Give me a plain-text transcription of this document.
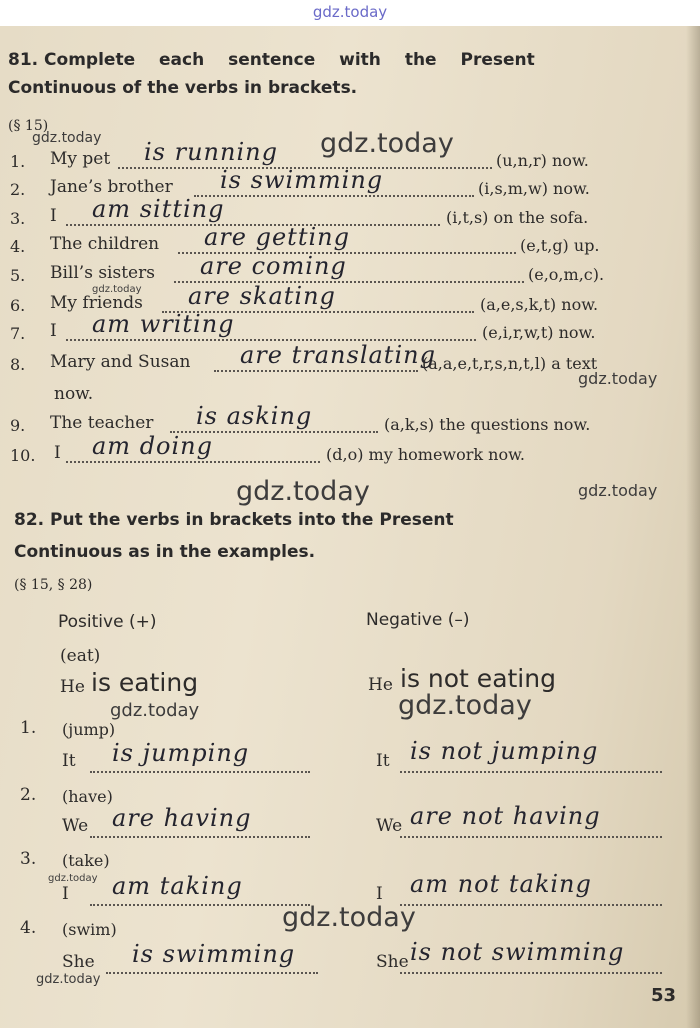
gdz.today
81. Complete each sentence with the Present
Continuous of the verbs in brackets.
(§ 15)
1. My pet is running	(u,n,r) now.
2. Jane’s brother is swimming	(i,s,m,w) now.
3. I am sitting	(i,t,s) on the sofa.
4. The children are getting	(e,t,g) up.
5. Bill’s sisters are coming	(e,o,m,c).
6. My friends are skating	(a,e,s,k,t) now.
7. I am writing	(e,i,r,w,t) now.
8. Mary and Susan are translating
(a,a,e,t,r,s,n,t,l) a text
now.
9. The teacher is asking	(a,k,s) the questions now.
10. I am doing	(d,o) my homework now.
82. Put the verbs in brackets into the Present
Continuous as in the examples.
(§ 15, § 28)
Positive (+)	Negative (–)
(eat)
He is eating	He is not eating
1. (jump)
It is jumping	It is not jumping
2. (have)
We are having	We are not having
3. (take)
I am taking	I am not taking
4. (swim)
She is swimming	She is not swimming
53
gdz.today	gdz.today
gdz.today
gdz.today
gdz.today	gdz.today
gdz.today	gdz.today
gdz.today
gdz.today
gdz.today
